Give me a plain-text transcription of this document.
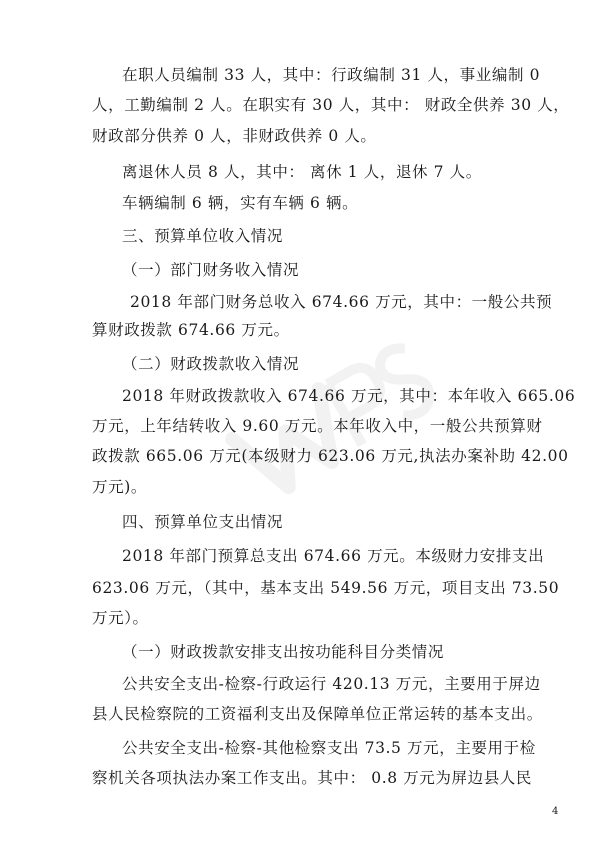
在职人员编制 33 人，其中：行政编制 31 人，事业编制 0
人，工勤编制 2 人。在职实有 30 人，其中： 财政全供养 30 人，
财政部分供养 0 人，非财政供养 0 人。
离退休人员 8 人，其中： 离休 1 人，退休 7 人。
车辆编制 6 辆，实有车辆 6 辆。
三、预算单位收入情况
（一）部门财务收入情况
2018 年部门财务总收入 674.66 万元，其中：一般公共预
算财政拨款 674.66 万元。
（二）财政拨款收入情况
2018 年财政拨款收入 674.66 万元，其中：本年收入 665.06
万元，上年结转收入 9.60 万元。本年收入中，一般公共预算财
政拨款 665.06 万元(本级财力 623.06 万元,执法办案补助 42.00
万元)。
四、预算单位支出情况
2018 年部门预算总支出 674.66 万元。本级财力安排支出
623.06 万元，（其中，基本支出 549.56 万元，项目支出 73.50
万元）。
（一）财政拨款安排支出按功能科目分类情况
公共安全支出-检察-行政运行 420.13 万元，主要用于屏边
县人民检察院的工资福利支出及保障单位正常运转的基本支出。
公共安全支出-检察-其他检察支出 73.5 万元，主要用于检
察机关各项执法办案工作支出。其中： 0.8 万元为屏边县人民
4
